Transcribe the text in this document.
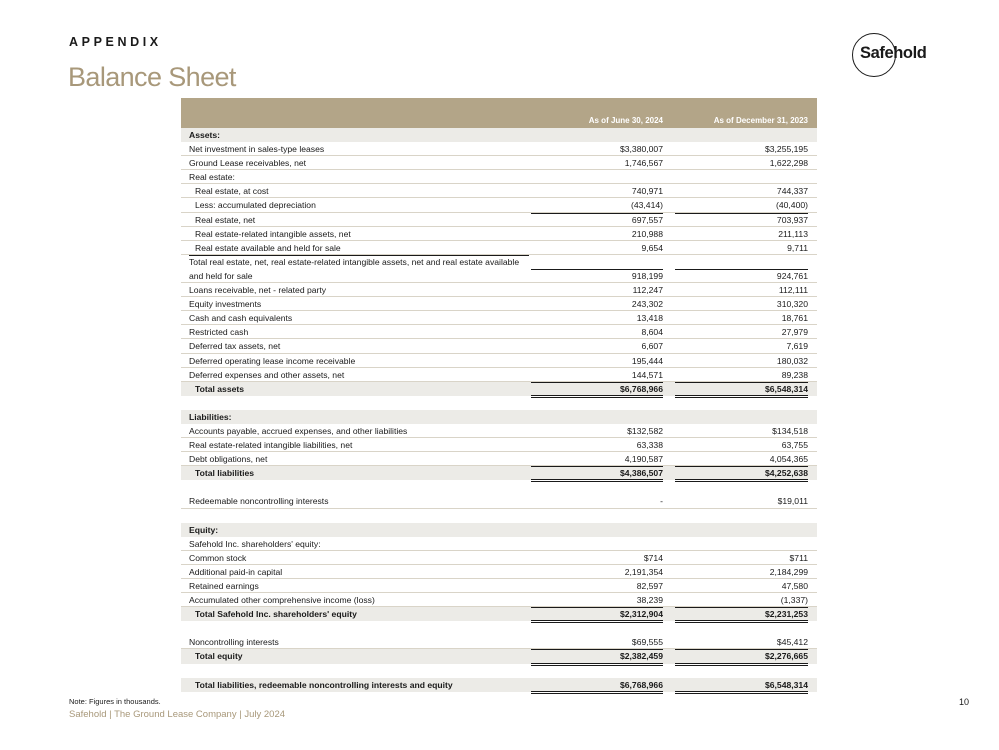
APPENDIX
Balance Sheet
Safehold
As of June 30, 2024	As of December 31, 2023
Assets:
Net investment in sales-type leases	$3,380,007	$3,255,195
Ground Lease receivables, net	1,746,567	1,622,298
Real estate:
Real estate, at cost	740,971	744,337
Less: accumulated depreciation	(43,414)	(40,400)
Real estate, net	697,557	703,937
Real estate-related intangible assets, net	210,988	211,113
Real estate available and held for sale	9,654	9,711
Total real estate, net, real estate-related intangible assets, net and real estate available and held for sale	918,199	924,761
Loans receivable, net - related party	112,247	112,111
Equity investments	243,302	310,320
Cash and cash equivalents	13,418	18,761
Restricted cash	8,604	27,979
Deferred tax assets, net	6,607	7,619
Deferred operating lease income receivable	195,444	180,032
Deferred expenses and other assets, net	144,571	89,238
Total assets	$6,768,966	$6,548,314
Liabilities:
Accounts payable, accrued expenses, and other liabilities	$132,582	$134,518
Real estate-related intangible liabilities, net	63,338	63,755
Debt obligations, net	4,190,587	4,054,365
Total liabilities	$4,386,507	$4,252,638
Redeemable noncontrolling interests	-	$19,011
Equity:
Safehold Inc. shareholders' equity:
Common stock	$714	$711
Additional paid-in capital	2,191,354	2,184,299
Retained earnings	82,597	47,580
Accumulated other comprehensive income (loss)	38,239	(1,337)
Total Safehold Inc. shareholders' equity	$2,312,904	$2,231,253
Noncontrolling interests	$69,555	$45,412
Total equity	$2,382,459	$2,276,665
Total liabilities, redeemable noncontrolling interests and equity	$6,768,966	$6,548,314
Note: Figures in thousands.
Safehold | The Ground Lease Company | July 2024
10
